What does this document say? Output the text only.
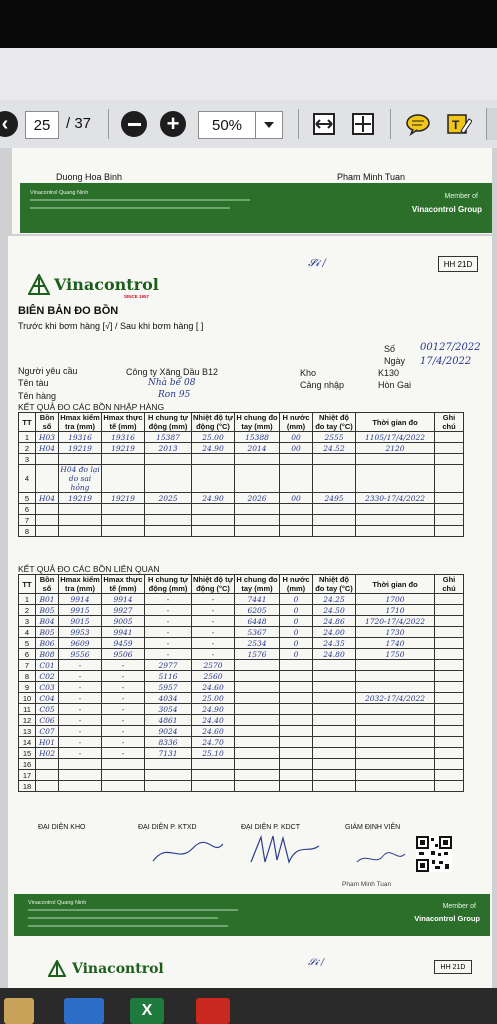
‹	25	/ 37	+	50%	T
Duong Hoa Binh	Pham Minh Tuan
Vinacontrol Quang Ninh	Member of
Vinacontrol Group
HH 21D
𝓢𝓲 /
Vinacontrol
SINCE 1957
BIÊN BẢN ĐO BỒN
Trước khi bơm hàng [√] / Sau khi bơm hàng [ ]
Số 00127/2022
Ngày 17/4/2022
Người yêu cầu	Công ty Xăng Dầu B12
Tên tàu	Nhà bể 08
Tên hàng	Ron 95
Kho	K130
Cảng nhập	Hòn Gai
KẾT QUẢ ĐO CÁC BỒN NHẬP HÀNG
TT	Bồn số	Hmax kiểm tra (mm)	Hmax thực tế (mm)	H chung tự động (mm)	Nhiệt độ tự động (°C)	H chung đo tay (mm)	H nước (mm)	Nhiệt độ đo tay (°C)	Thời gian đo	Ghi chú
1	H03	19316	19316	15387	25.00	15388	00	2555	1105/17/4/2022	
2	H04	19219	19219	2013	24.90	2014	00	24.52	2120	
3										
4		H04 đo lại do sai hỏng								
5	H04	19219	19219	2025	24.90	2026	00	2495	2330-17/4/2022	
6										
7										
8										
KẾT QUẢ ĐO CÁC BỒN LIÊN QUAN
TT	Bồn số	Hmax kiểm tra (mm)	Hmax thực tế (mm)	H chung tự động (mm)	Nhiệt độ tự động (°C)	H chung đo tay (mm)	H nước (mm)	Nhiệt độ đo tay (°C)	Thời gian đo	Ghi chú
1	B01	9914	9914	-	-	7441	0	24.25	1700	
2	B05	9915	9927	-	-	6205	0	24.50	1710	
3	B04	9015	9005	-	-	6448	0	24.86	1720-17/4/2022	
4	B05	9953	9941	-	-	5367	0	24.00	1730	
5	B06	9609	9459	-	-	2534	0	24.35	1740	
6	B08	9556	9506	-	-	1576	0	24.80	1750	
7	C01	-	-	2977	2570					
8	C02	-	-	5116	2560					
9	C03	-	-	5957	24.60					
10	C04	-	-	4034	25.00				2032-17/4/2022	
11	C05	-	-	3054	24.90					
12	C06	-	-	4861	24.40					
13	C07	-	-	9024	24.60					
14	H01	-	-	8336	24.70					
15	H02	-	-	7131	25.10					
16										
17										
18										
ĐẠI DIỆN KHO	ĐẠI DIỆN P. KTXD	ĐẠI DIỆN P. KDCT	GIÁM ĐỊNH VIÊN
Pham Minh Tuan
Vinacontrol Quang Ninh	Member of
Vinacontrol Group
Vinacontrol	𝓢𝓲 /	HH 21D
X
